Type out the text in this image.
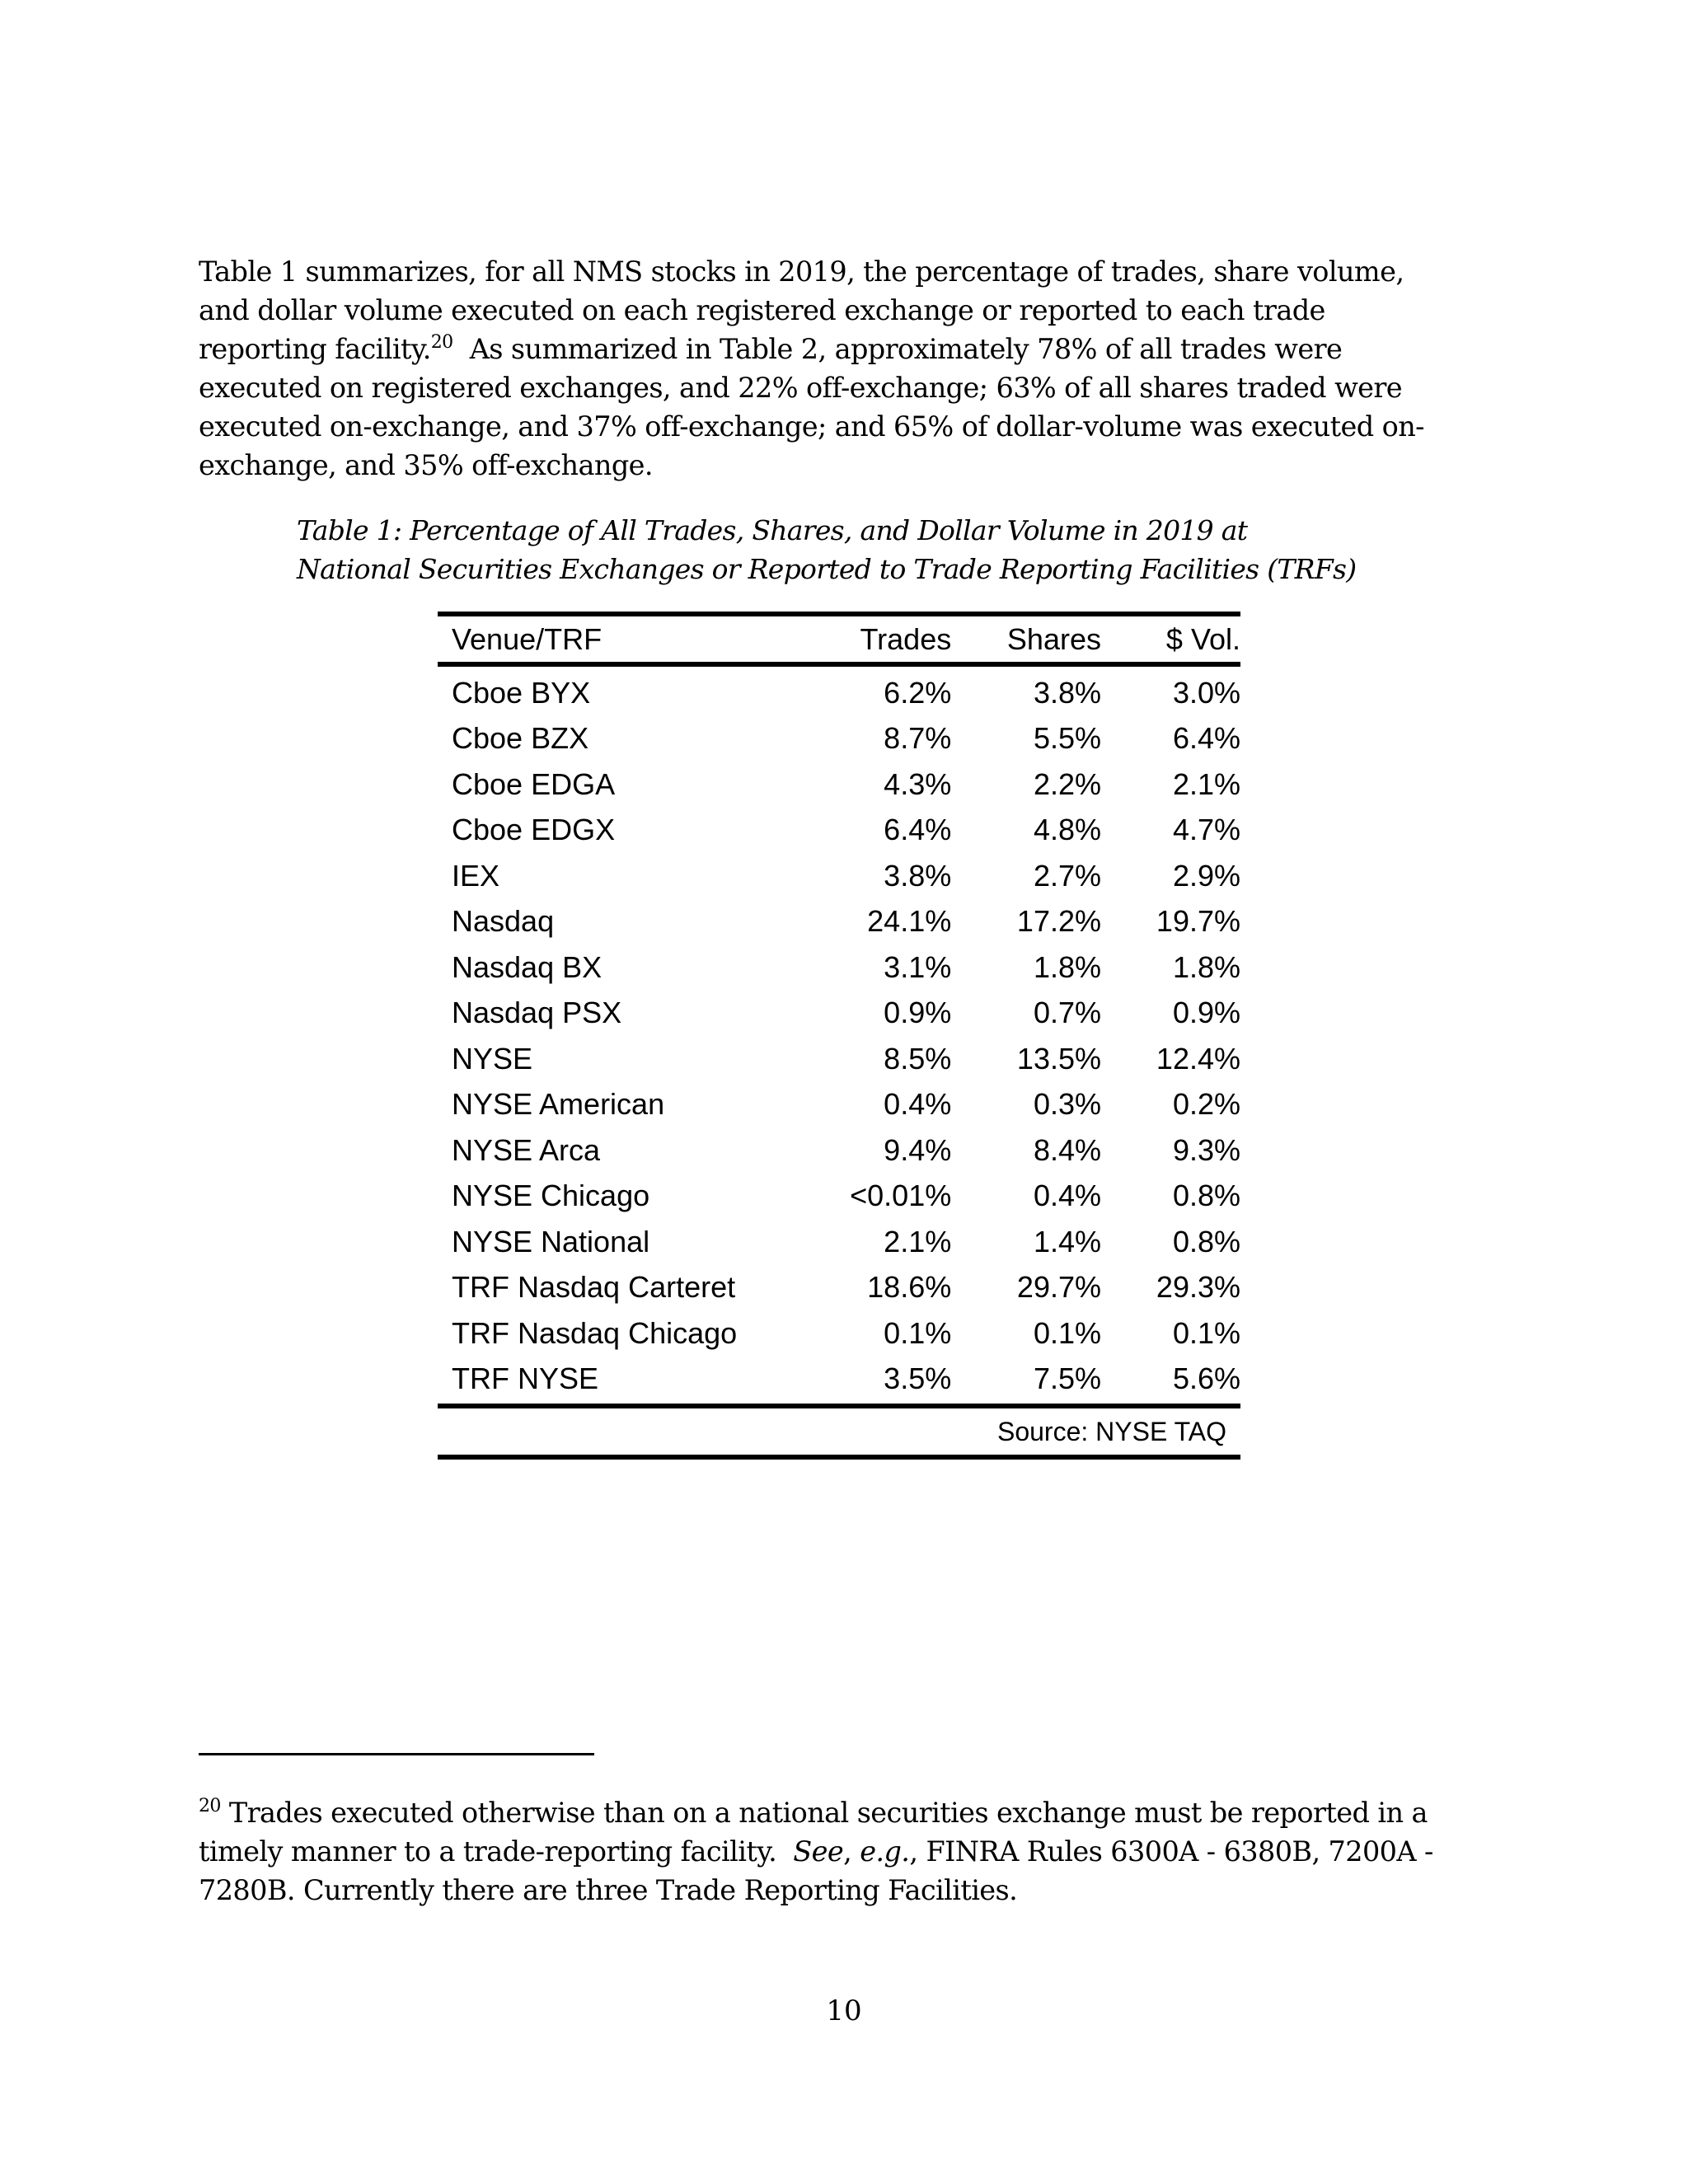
Table 1 summarizes, for all NMS stocks in 2019, the percentage of trades, share volume,
and dollar volume executed on each registered exchange or reported to each trade
reporting facility.$^{20}$ As summarized in Table 2, approximately 78% of all trades were
executed on registered exchanges, and 22% off-exchange; 63% of all shares traded were
executed on-exchange, and 37% off-exchange; and 65% of dollar-volume was executed on-
exchange, and 35% off-exchange.
Table 1: Percentage of All Trades, Shares, and Dollar Volume in 2019 at
National Securities Exchanges or Reported to Trade Reporting Facilities (TRFs)
Venue/TRF	Trades	Shares	$ Vol.
Cboe BYX	6.2%	3.8%	3.0%
Cboe BZX	8.7%	5.5%	6.4%
Cboe EDGA	4.3%	2.2%	2.1%
Cboe EDGX	6.4%	4.8%	4.7%
IEX	3.8%	2.7%	2.9%
Nasdaq	24.1%	17.2%	19.7%
Nasdaq BX	3.1%	1.8%	1.8%
Nasdaq PSX	0.9%	0.7%	0.9%
NYSE	8.5%	13.5%	12.4%
NYSE American	0.4%	0.3%	0.2%
NYSE Arca	9.4%	8.4%	9.3%
NYSE Chicago	<0.01%	0.4%	0.8%
NYSE National	2.1%	1.4%	0.8%
TRF Nasdaq Carteret	18.6%	29.7%	29.3%
TRF Nasdaq Chicago	0.1%	0.1%	0.1%
TRF NYSE	3.5%	7.5%	5.6%
Source: NYSE TAQ
$^{20}$ Trades executed otherwise than on a national securities exchange must be reported in a
timely manner to a trade-reporting facility. See, e.g., FINRA Rules 6300A - 6380B, 7200A -
7280B. Currently there are three Trade Reporting Facilities.
10
